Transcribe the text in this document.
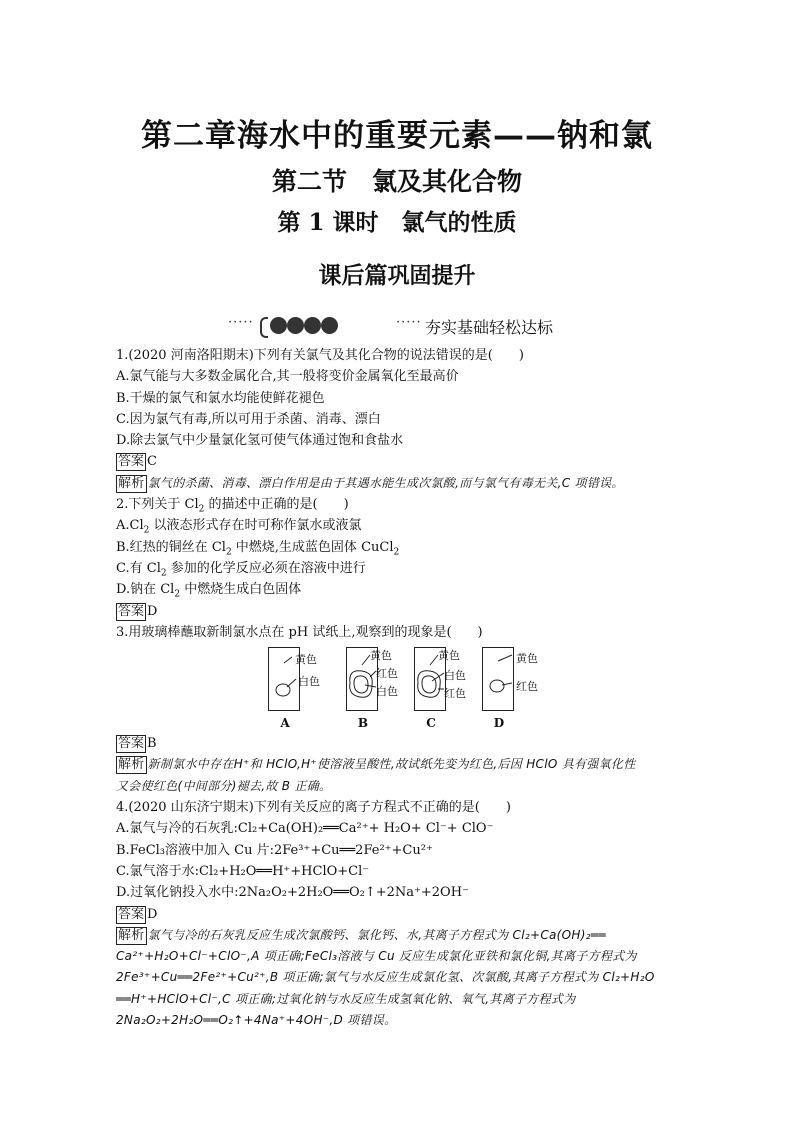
第二章海水中的重要元素——钠和氯
第二节　氯及其化合物
第 1 课时　氯气的性质
课后篇巩固提升
·····	····· 夯实基础轻松达标
1.(2020 河南洛阳期末)下列有关氯气及其化合物的说法错误的是(　　)
A.氯气能与大多数金属化合,其一般将变价金属氧化至最高价
B.干燥的氯气和氯水均能使鲜花褪色
C.因为氯气有毒,所以可用于杀菌、消毒、漂白
D.除去氯气中少量氯化氢可使气体通过饱和食盐水
答案 C
解析 氯气的杀菌、消毒、漂白作用是由于其遇水能生成次氯酸,而与氯气有毒无关,C 项错误。
2.下列关于 $Cl_2$ 的描述中正确的是(　　)
$A.Cl_2$ 以液态形式存在时可称作氯水或液氯
B.红热的铜丝在 $Cl_2$ 中燃烧,生成蓝色固体 CuCl$_2$
C.有 $Cl_2$ 参加的化学反应必须在溶液中进行
D.钠在 $Cl_2$ 中燃烧生成白色固体
答案 D
3.用玻璃棒蘸取新制氯水点在 pH 试纸上,观察到的现象是(　　)
黄色
白色
A
黄色
红色
白色
B
黄色
白色
红色
C
黄色
红色
D
答案 B
解析 新制氯水中存在H⁺和 HClO,H⁺使溶液呈酸性,故试纸先变为红色,后因 HClO 具有强氧化性
又会使红色(中间部分)褪去,故 B 正确。
4.(2020 山东济宁期末)下列有关反应的离子方程式不正确的是(　　)
A.氯气与冷的石灰乳:Cl₂+Ca(OH)₂══Ca²⁺+ H₂O+ Cl⁻+ ClO⁻
B.FeCl₃溶液中加入 Cu 片:2Fe³⁺+Cu══2Fe²⁺+Cu²⁺
C.氯气溶于水:Cl₂+H₂O══H⁺+HClO+Cl⁻
D.过氧化钠投入水中:2Na₂O₂+2H₂O══O₂↑+2Na⁺+2OH⁻
答案 D
解析 氯气与冷的石灰乳反应生成次氯酸钙、氯化钙、水,其离子方程式为 Cl₂+Ca(OH)₂══
Ca²⁺+H₂O+Cl⁻+ClO⁻,A 项正确;FeCl₃溶液与 Cu 反应生成氯化亚铁和氯化铜,其离子方程式为
2Fe³⁺+Cu══2Fe²⁺+Cu²⁺,B 项正确;氯气与水反应生成氯化氢、次氯酸,其离子方程式为 Cl₂+H₂O
══H⁺+HClO+Cl⁻,C 项正确;过氧化钠与水反应生成氢氧化钠、氧气,其离子方程式为
2Na₂O₂+2H₂O══O₂↑+4Na⁺+4OH⁻,D 项错误。
